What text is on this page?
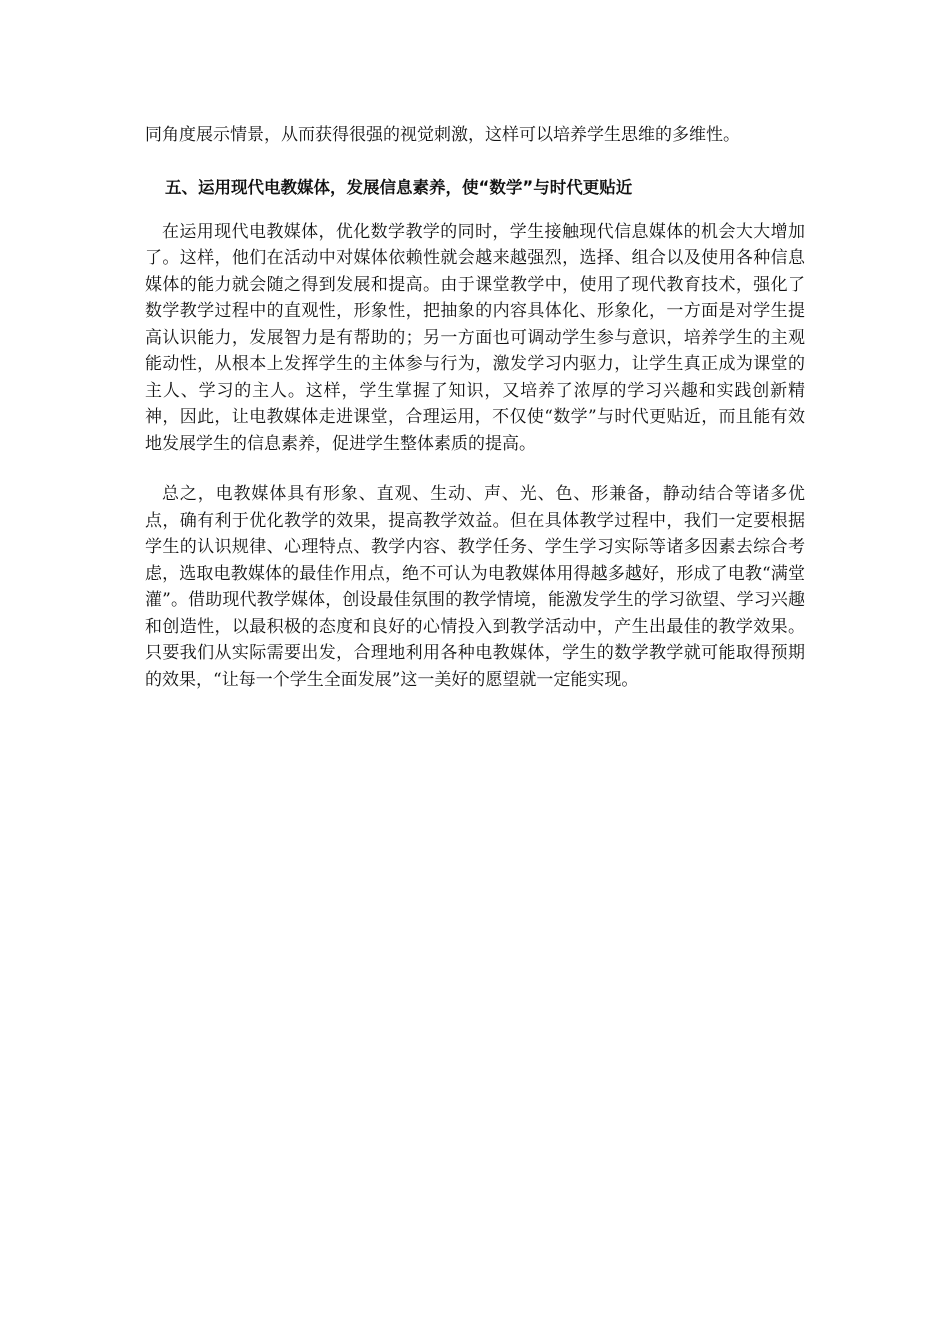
同角度展示情景，从而获得很强的视觉刺激，这样可以培养学生思维的多维性。

五、运用现代电教媒体，发展信息素养，使“数学”与时代更贴近

在运用现代电教媒体，优化数学教学的同时，学生接触现代信息媒体的机会大大增加了。这样，他们在活动中对媒体依赖性就会越来越强烈，选择、组合以及使用各种信息媒体的能力就会随之得到发展和提高。由于课堂教学中，使用了现代教育技术，强化了数学教学过程中的直观性，形象性，把抽象的内容具体化、形象化，一方面是对学生提高认识能力，发展智力是有帮助的；另一方面也可调动学生参与意识，培养学生的主观能动性，从根本上发挥学生的主体参与行为，激发学习内驱力，让学生真正成为课堂的主人、学习的主人。这样，学生掌握了知识，又培养了浓厚的学习兴趣和实践创新精神，因此，让电教媒体走进课堂，合理运用，不仅使“数学”与时代更贴近，而且能有效地发展学生的信息素养，促进学生整体素质的提高。

总之，电教媒体具有形象、直观、生动、声、光、色、形兼备，静动结合等诸多优点，确有利于优化教学的效果，提高教学效益。但在具体教学过程中，我们一定要根据学生的认识规律、心理特点、教学内容、教学任务、学生学习实际等诸多因素去综合考虑，选取电教媒体的最佳作用点，绝不可认为电教媒体用得越多越好，形成了电教“满堂灌”。借助现代教学媒体，创设最佳氛围的教学情境，能激发学生的学习欲望、学习兴趣和创造性，以最积极的态度和良好的心情投入到教学活动中，产生出最佳的教学效果。只要我们从实际需要出发，合理地利用各种电教媒体，学生的数学教学就可能取得预期的效果，“让每一个学生全面发展”这一美好的愿望就一定能实现。
